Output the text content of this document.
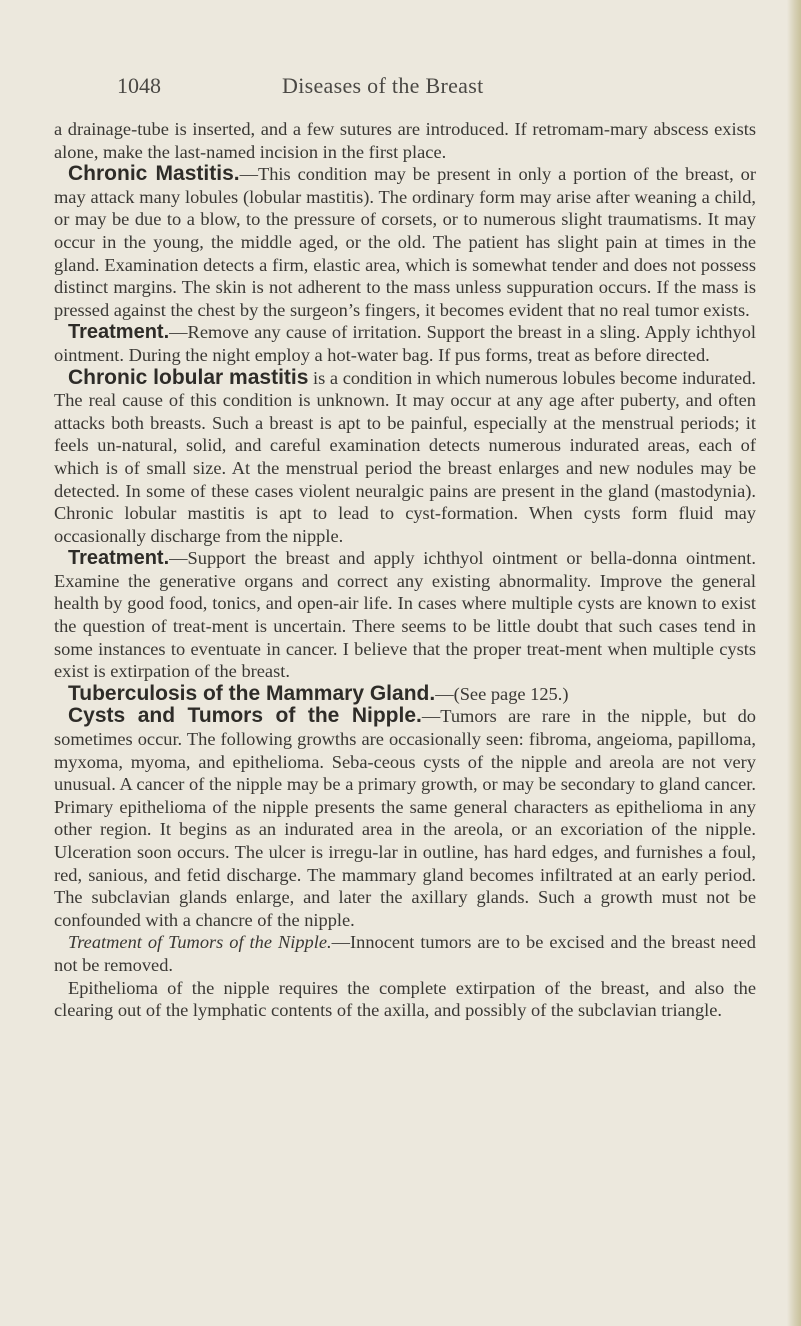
1048	Diseases of the Breast

a drainage-tube is inserted, and a few sutures are introduced. If retromam-mary abscess exists alone, make the last-named incision in the first place.

Chronic Mastitis.—This condition may be present in only a portion of the breast, or may attack many lobules (lobular mastitis). The ordinary form may arise after weaning a child, or may be due to a blow, to the pressure of corsets, or to numerous slight traumatisms. It may occur in the young, the middle aged, or the old. The patient has slight pain at times in the gland. Examination detects a firm, elastic area, which is somewhat tender and does not possess distinct margins. The skin is not adherent to the mass unless suppuration occurs. If the mass is pressed against the chest by the surgeon’s fingers, it becomes evident that no real tumor exists.

Treatment.—Remove any cause of irritation. Support the breast in a sling. Apply ichthyol ointment. During the night employ a hot-water bag. If pus forms, treat as before directed.

Chronic lobular mastitis is a condition in which numerous lobules become indurated. The real cause of this condition is unknown. It may occur at any age after puberty, and often attacks both breasts. Such a breast is apt to be painful, especially at the menstrual periods; it feels un-natural, solid, and careful examination detects numerous indurated areas, each of which is of small size. At the menstrual period the breast enlarges and new nodules may be detected. In some of these cases violent neuralgic pains are present in the gland (mastodynia). Chronic lobular mastitis is apt to lead to cyst-formation. When cysts form fluid may occasionally discharge from the nipple.

Treatment.—Support the breast and apply ichthyol ointment or bella-donna ointment. Examine the generative organs and correct any existing abnormality. Improve the general health by good food, tonics, and open-air life. In cases where multiple cysts are known to exist the question of treat-ment is uncertain. There seems to be little doubt that such cases tend in some instances to eventuate in cancer. I believe that the proper treat-ment when multiple cysts exist is extirpation of the breast.

Tuberculosis of the Mammary Gland.—(See page 125.)

Cysts and Tumors of the Nipple.—Tumors are rare in the nipple, but do sometimes occur. The following growths are occasionally seen: fibroma, angeioma, papilloma, myxoma, myoma, and epithelioma. Seba-ceous cysts of the nipple and areola are not very unusual. A cancer of the nipple may be a primary growth, or may be secondary to gland cancer. Primary epithelioma of the nipple presents the same general characters as epithelioma in any other region. It begins as an indurated area in the areola, or an excoriation of the nipple. Ulceration soon occurs. The ulcer is irregu-lar in outline, has hard edges, and furnishes a foul, red, sanious, and fetid discharge. The mammary gland becomes infiltrated at an early period. The subclavian glands enlarge, and later the axillary glands. Such a growth must not be confounded with a chancre of the nipple.

Treatment of Tumors of the Nipple.—Innocent tumors are to be excised and the breast need not be removed.

Epithelioma of the nipple requires the complete extirpation of the breast, and also the clearing out of the lymphatic contents of the axilla, and possibly of the subclavian triangle.
